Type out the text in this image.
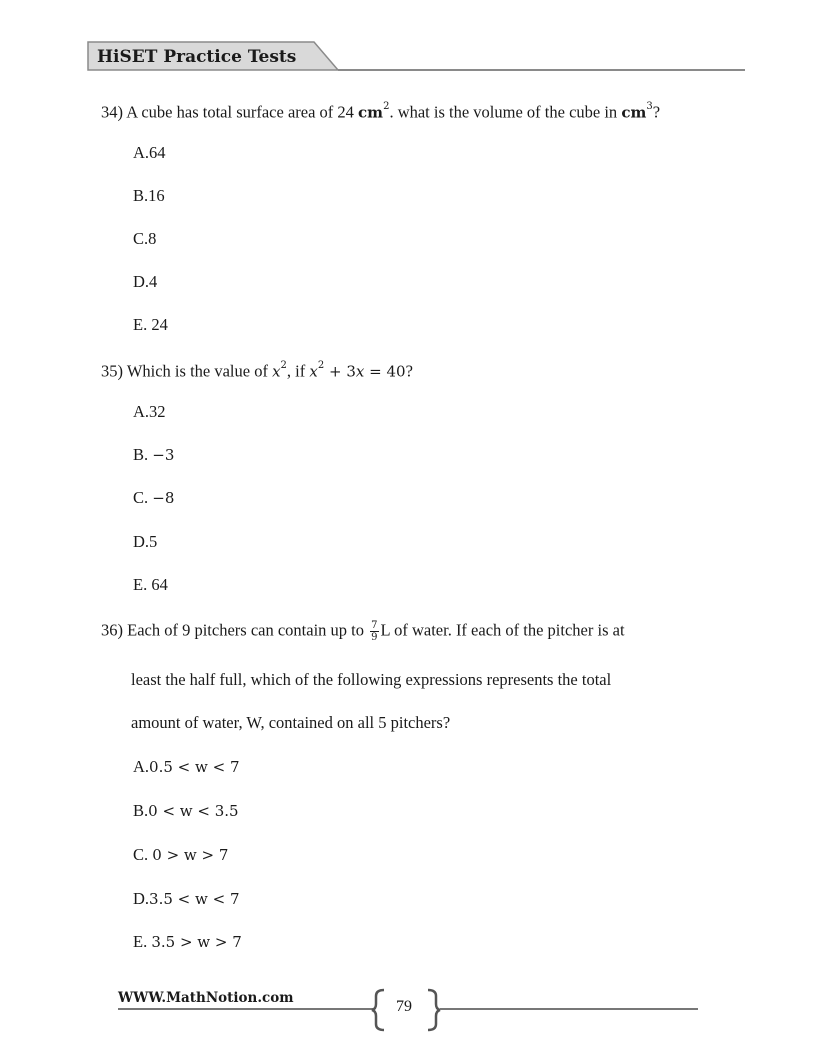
HiSET Practice Tests
34) A cube has total surface area of 24 $cm^2$. what is the volume of the cube in $cm^3$?
A.64
B.16
C.8
D.4
E. 24
35) Which is the value of $x^2$, if $x^2 + 3x = 40$?
A.32
B. −3
C. −8
D.5
E. 64
36) Each of 9 pitchers can contain up to $\frac{7}{9}$ L of water. If each of the pitcher is at
least the half full, which of the following expressions represents the total
amount of water, W, contained on all 5 pitchers?
A.0.5 < w < 7
B.0 < w < 3.5
C. 0 > w > 7
D.3.5 < w < 7
E. 3.5 > w > 7
WWW.MathNotion.com	79
